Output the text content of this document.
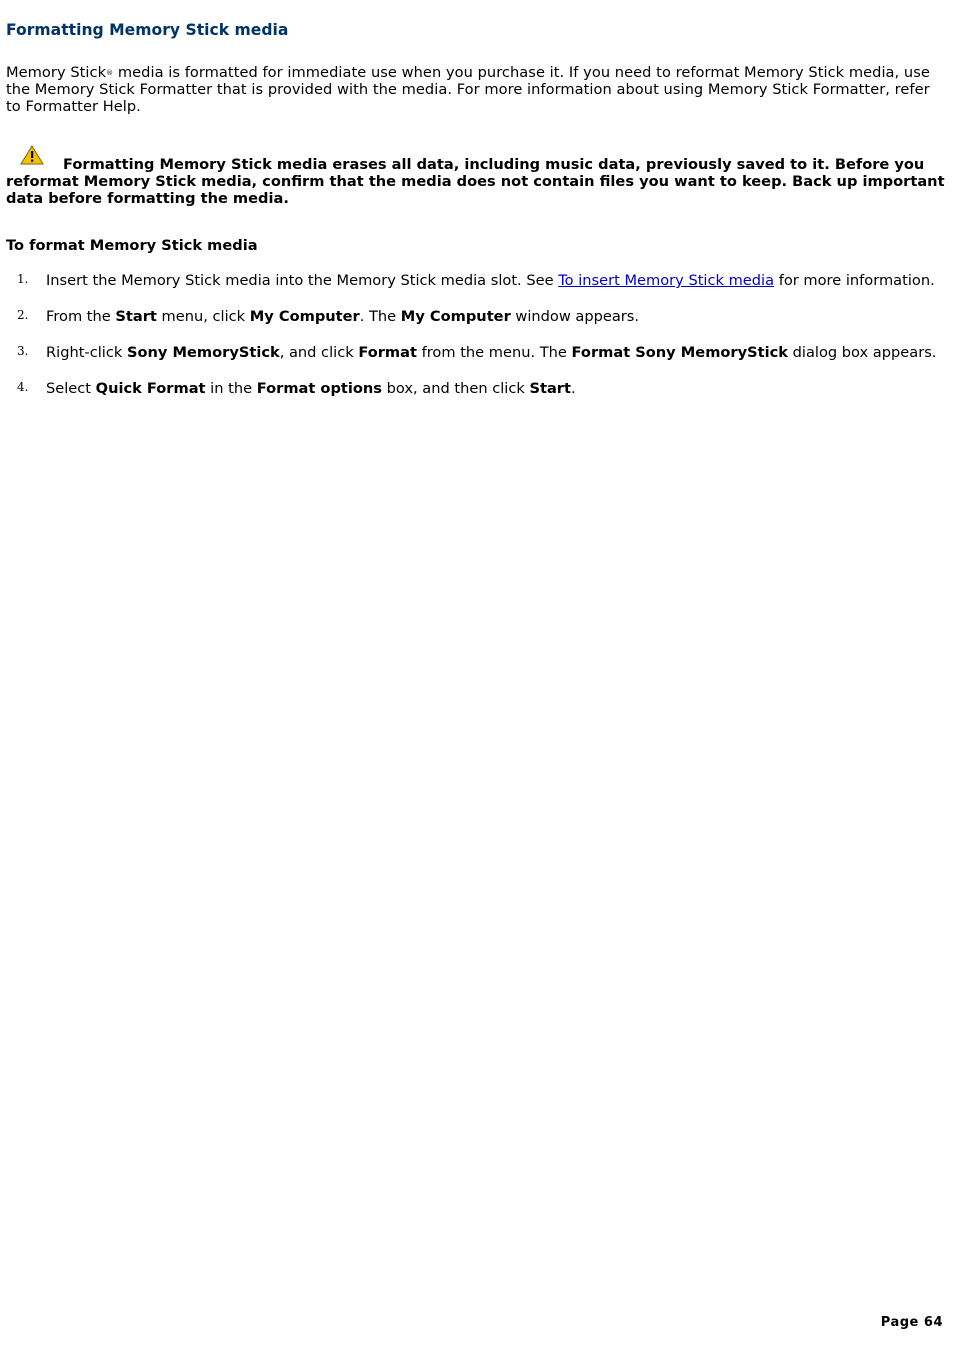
Formatting Memory Stick media

Memory Stick® media is formatted for immediate use when you purchase it. If you need to reformat Memory Stick media, use the Memory Stick Formatter that is provided with the media. For more information about using Memory Stick Formatter, refer to Formatter Help.

Formatting Memory Stick media erases all data, including music data, previously saved to it. Before you reformat Memory Stick media, confirm that the media does not contain files you want to keep. Back up important data before formatting the media.

To format Memory Stick media

1. Insert the Memory Stick media into the Memory Stick media slot. See To insert Memory Stick media for more information.
2. From the Start menu, click My Computer. The My Computer window appears.
3. Right-click Sony MemoryStick, and click Format from the menu. The Format Sony MemoryStick dialog box appears.
4. Select Quick Format in the Format options box, and then click Start.
Page 64
